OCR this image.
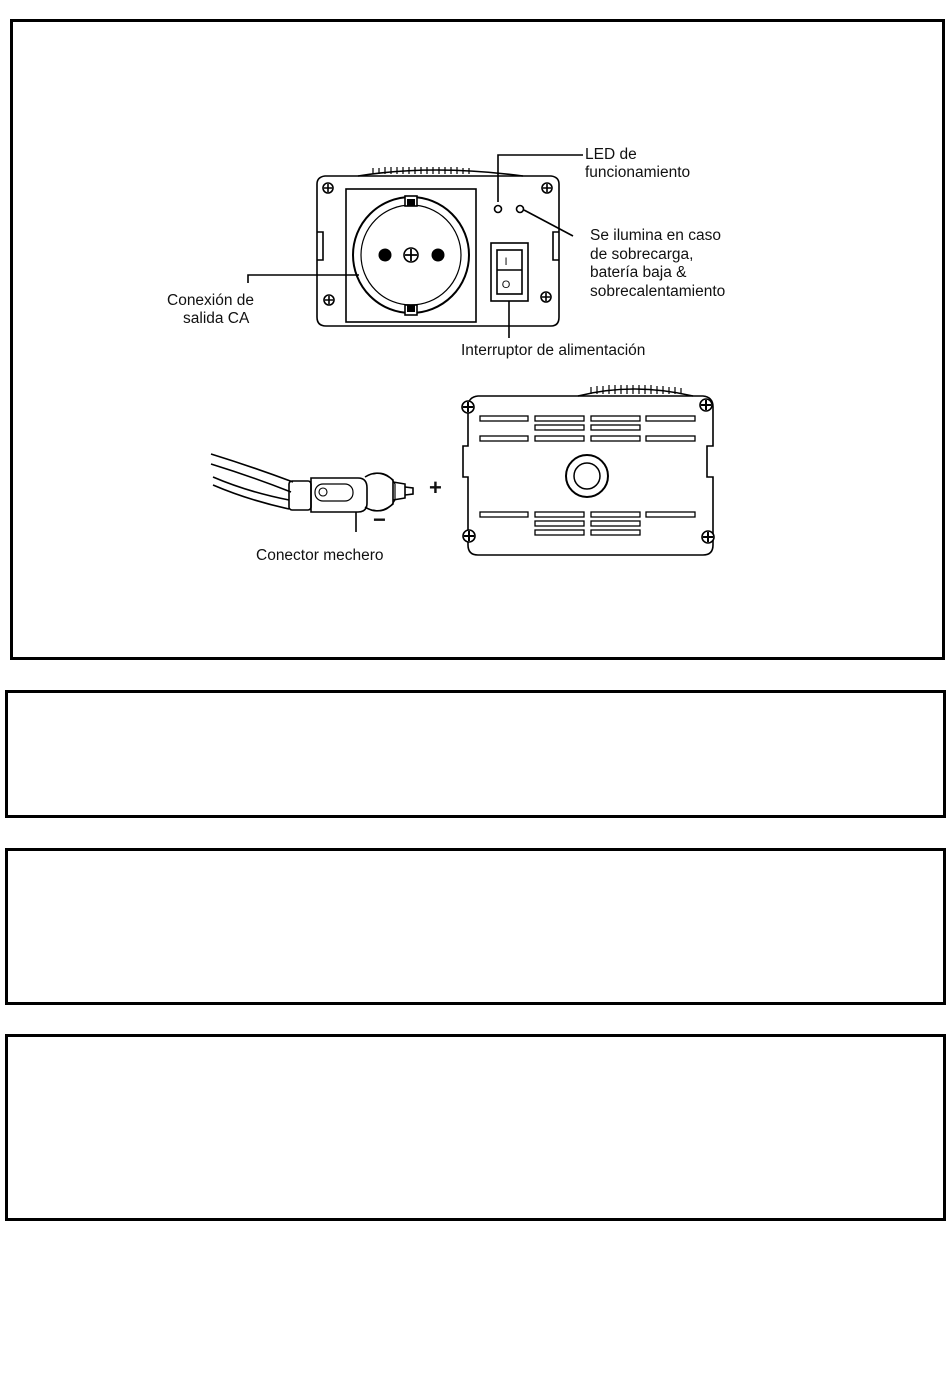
LED de
funcionamiento
Se ilumina en caso
de sobrecarga,
batería baja &
sobrecalentamiento
Conexión de
salida CA
Interruptor de alimentación
Conector mechero
+
−
I
O
